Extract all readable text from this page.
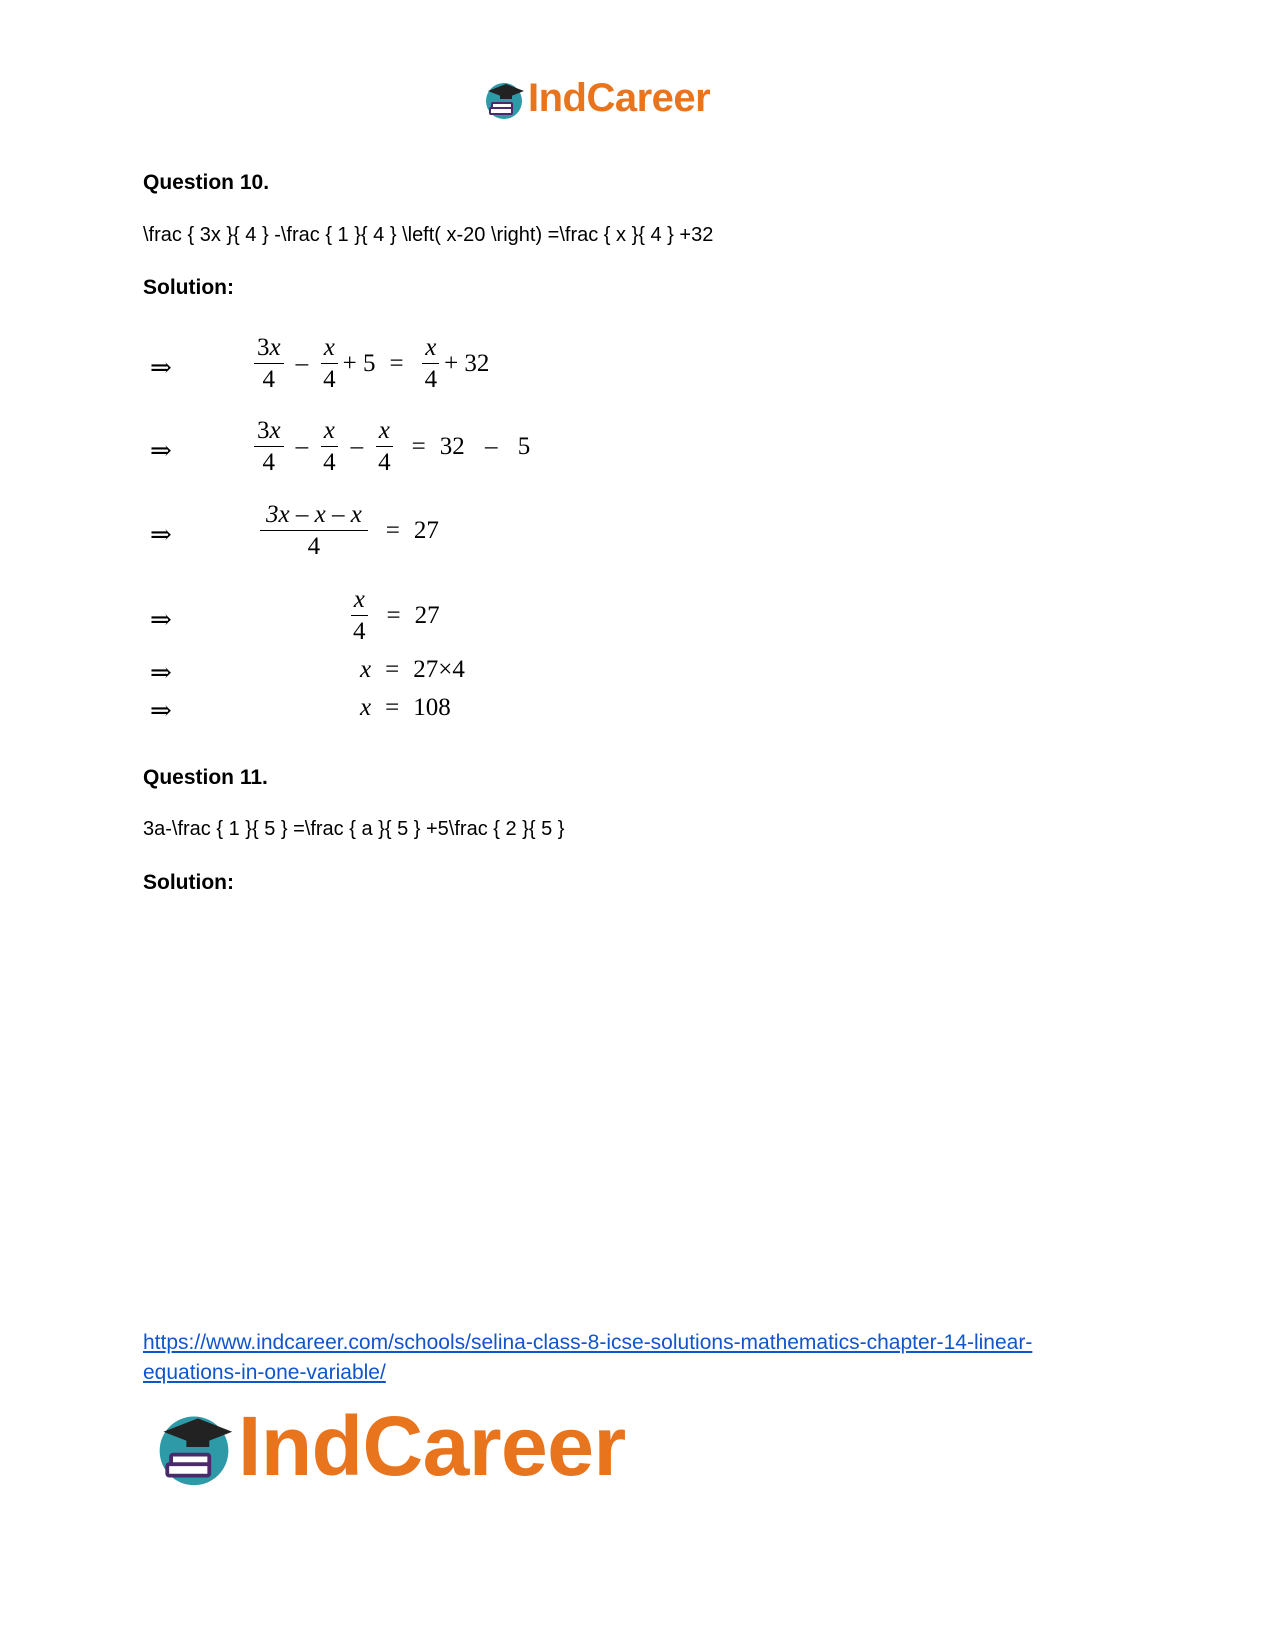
IndCareer
Question 10.
\frac { 3x }{ 4 } -\frac { 1 }{ 4 } \left( x-20 \right) =\frac { x }{ 4 } +32
Solution:
⇒	$\frac{3x}{4} - \frac{x}{4} + 5 = \frac{x}{4} + 32$
⇒	$\frac{3x}{4} - \frac{x}{4} - \frac{x}{4} = 32 - 5$
⇒	$\frac{3x - x - x}{4} = 27$
⇒	$\frac{x}{4} = 27$
⇒	x = 27×4
⇒	x = 108
Question 11.
3a-\frac { 1 }{ 5 } =\frac { a }{ 5 } +5\frac { 2 }{ 5 }
Solution:
https://www.indcareer.com/schools/selina-class-8-icse-solutions-mathematics-chapter-14-linear-equations-in-one-variable/
IndCareer
